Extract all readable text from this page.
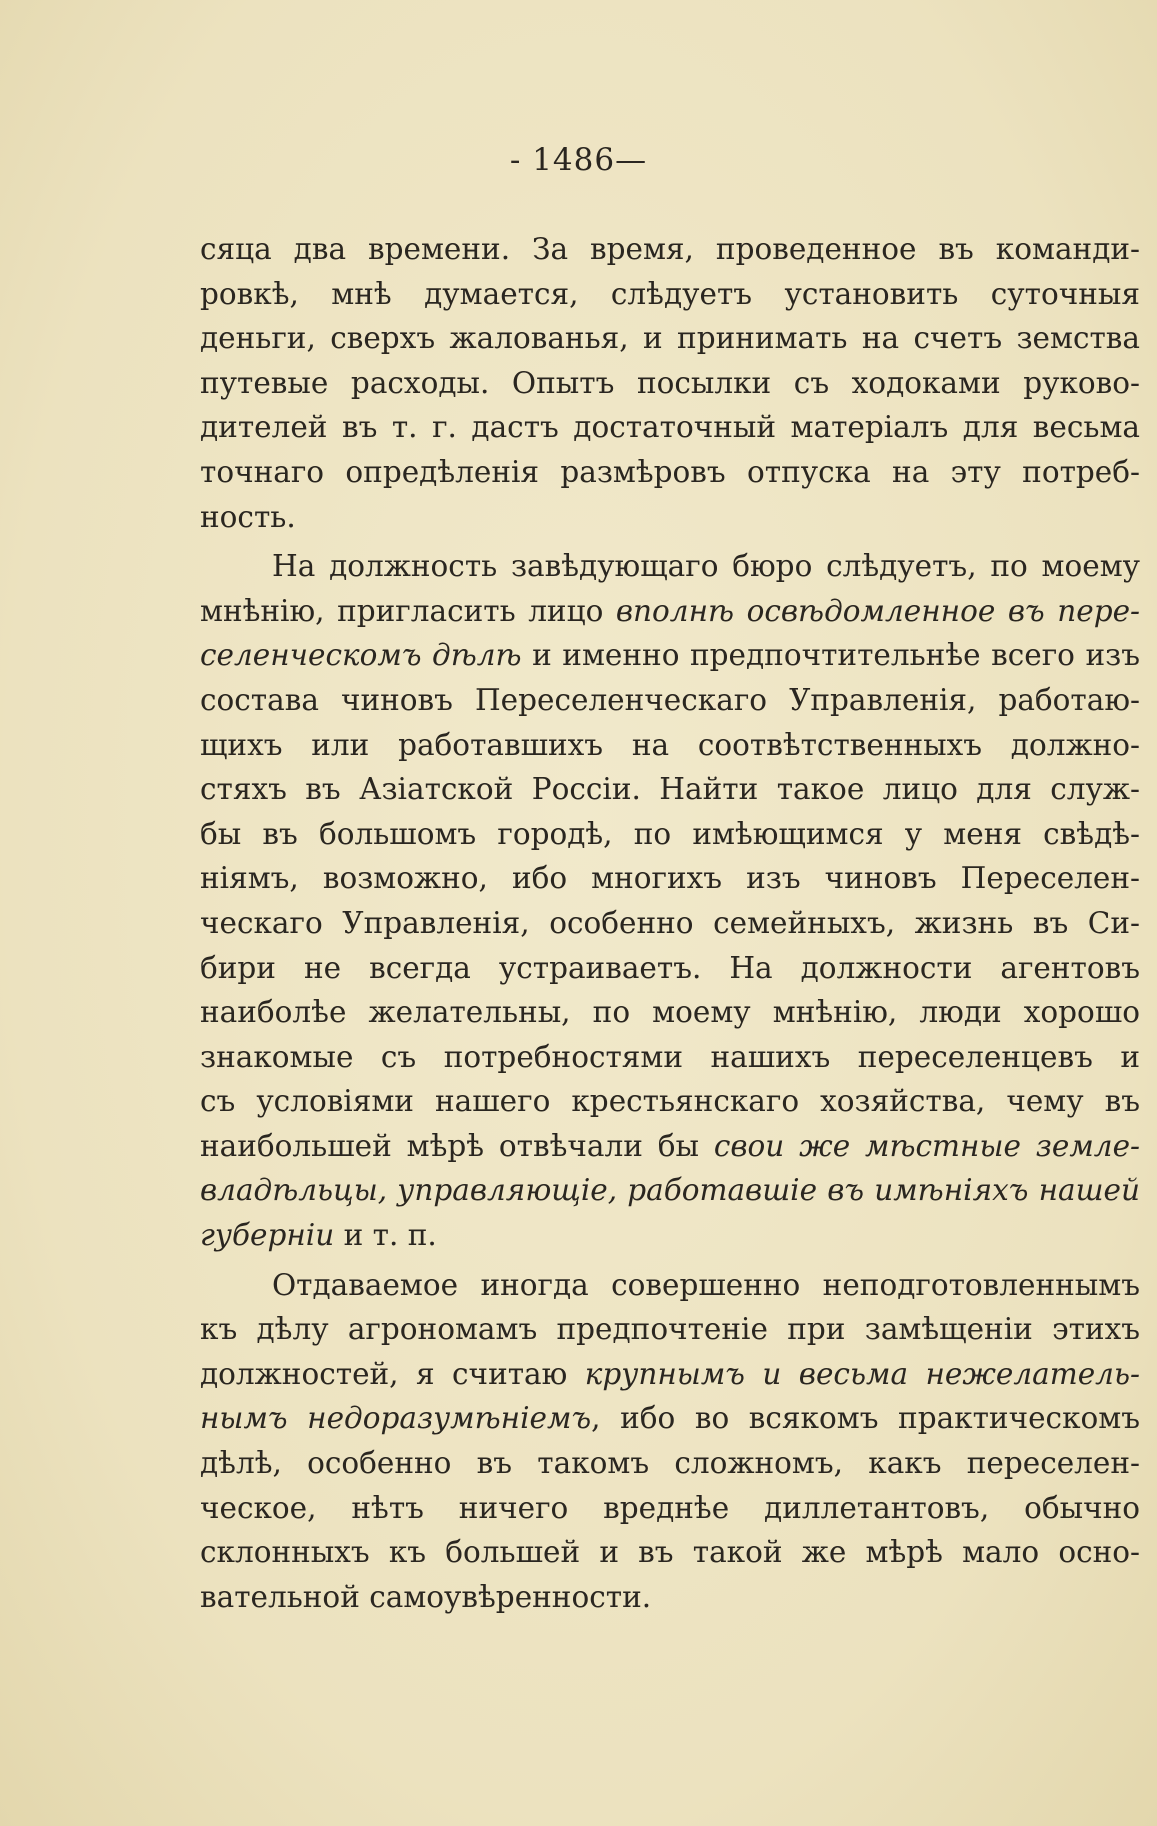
- 1486—

сяца два времени. За время, проведенное въ команди-
ровкѣ, мнѣ думается, слѣдуетъ установить суточныя
деньги, сверхъ жалованья, и принимать на счетъ земства
путевые расходы. Опытъ посылки съ ходоками руково-
дителей въ т. г. дастъ достаточный матеріалъ для весьма
точнаго опредѣленія размѣровъ отпуска на эту потреб-
ность.

На должность завѣдующаго бюро слѣдуетъ, по моему
мнѣнію, пригласить лицо вполнѣ освѣдомленное въ пере-
селенческомъ дѣлѣ и именно предпочтительнѣе всего изъ
состава чиновъ Переселенческаго Управленія, работаю-
щихъ или работавшихъ на соотвѣтственныхъ должно-
стяхъ въ Азіатской Россіи. Найти такое лицо для служ-
бы въ большомъ городѣ, по имѣющимся у меня свѣдѣ-
ніямъ, возможно, ибо многихъ изъ чиновъ Переселен-
ческаго Управленія, особенно семейныхъ, жизнь въ Си-
бири не всегда устраиваетъ. На должности агентовъ
наиболѣе желательны, по моему мнѣнію, люди хорошо
знакомые съ потребностями нашихъ переселенцевъ и
съ условіями нашего крестьянскаго хозяйства, чему въ
наибольшей мѣрѣ отвѣчали бы свои же мѣстные земле-
владѣльцы, управляющіе, работавшіе въ имѣніяхъ нашей
губерніи и т. п.

Отдаваемое иногда совершенно неподготовленнымъ
къ дѣлу агрономамъ предпочтеніе при замѣщеніи этихъ
должностей, я считаю крупнымъ и весьма нежелатель-
нымъ недоразумѣніемъ, ибо во всякомъ практическомъ
дѣлѣ, особенно въ такомъ сложномъ, какъ переселен-
ческое, нѣтъ ничего вреднѣе диллетантовъ, обычно
склонныхъ къ большей и въ такой же мѣрѣ мало осно-
вательной самоувѣренности.
